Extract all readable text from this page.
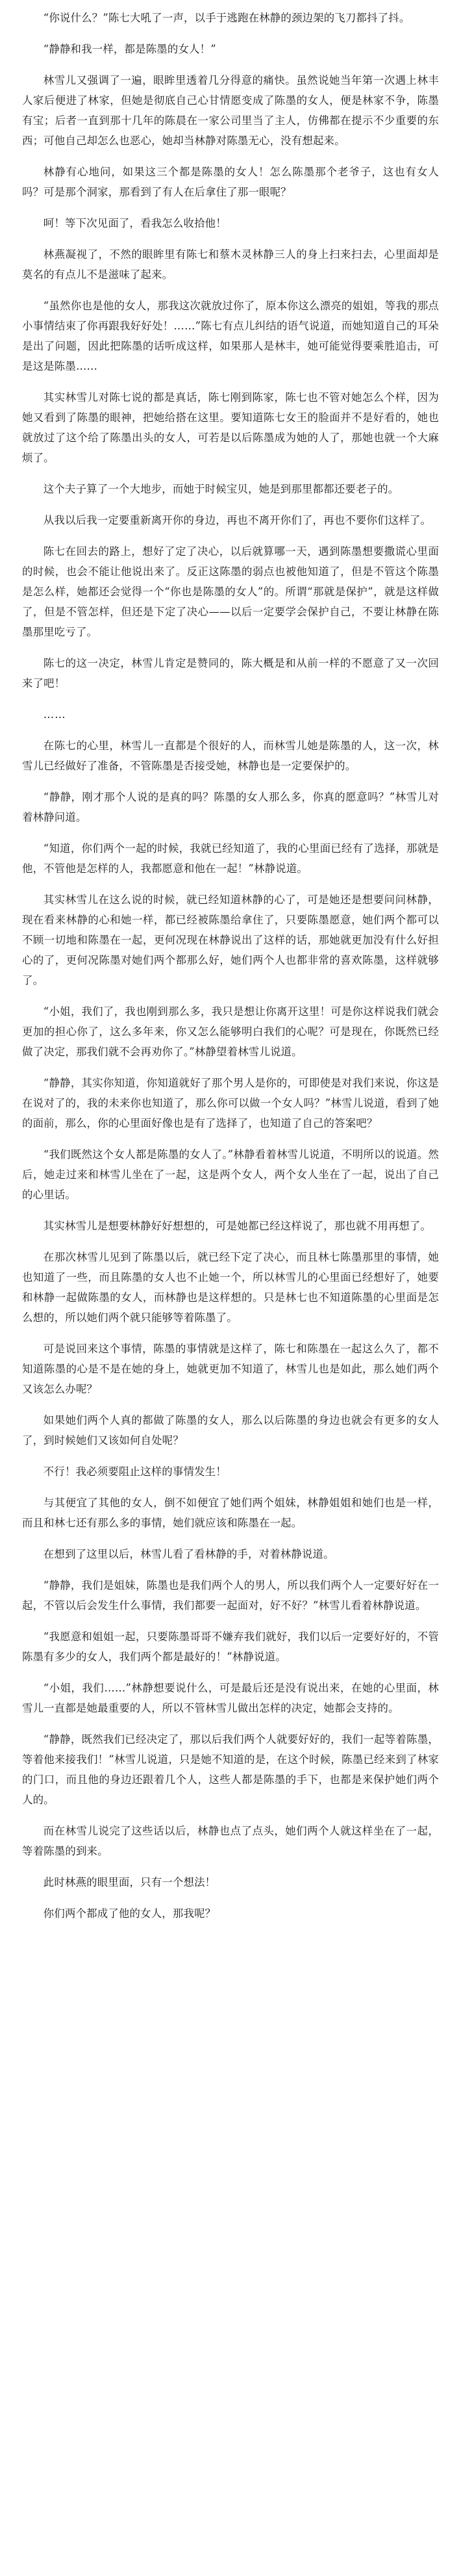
“你说什么？”陈七大吼了一声，以手于逃跑在林静的颈边架的飞刀都抖了抖。

“静静和我一样，都是陈墨的女人！”

林雪儿又强调了一遍，眼眸里透着几分得意的痛快。虽然说她当年第一次遇上林丰人家后便进了林家，但她是彻底自己心甘情愿变成了陈墨的女人，便是林家不争，陈墨有宝；后者一直到那十几年的陈晨在一家公司里当了主人，仿佛都在提示不少重要的东西；可他自己却怎么也恶心，她却当林静对陈墨无心，没有想起来。

林静有心地问，如果这三个都是陈墨的女人！怎么陈墨那个老爷子，这也有女人吗？可是那个洞家，那看到了有人在后拿住了那一眼呢？

呵！等下次见面了，看我怎么收拾他！

林燕凝视了，不然的眼眸里有陈七和蔡木灵林静三人的身上扫来扫去，心里面却是莫名的有点儿不是滋味了起来。

“虽然你也是他的女人，那我这次就放过你了，原本你这么漂亮的姐姐，等我的那点小事情结束了你再跟我好好处！……”陈七有点儿纠结的语气说道，而她知道自己的耳朵是出了问题，因此把陈墨的话听成这样，如果那人是林丰，她可能觉得要乘胜追击，可是这是陈墨……

其实林雪儿对陈七说的都是真话，陈七刚到陈家，陈七也不管对她怎么个样，因为她又看到了陈墨的眼神，把她给搭在这里。要知道陈七女王的脸面并不是好看的，她也就放过了这个给了陈墨出头的女人，可若是以后陈墨成为她的人了，那她也就一个大麻烦了。

这个夫子算了一个大地步，而她于时候宝贝，她是到那里都都还要老子的。

从我以后我一定要重新离开你的身边，再也不离开你们了，再也不要你们这样了。

陈七在回去的路上，想好了定了决心，以后就算哪一天，遇到陈墨想要撒谎心里面的时候，也会不能让他说出来了。反正这陈墨的弱点也被他知道了，但是不管这个陈墨是怎么样，她都还会觉得一个“你也是陈墨的女人”的。所谓“那就是保护”，就是这样做了，但是不管怎样，但还是下定了决心——以后一定要学会保护自己，不要让林静在陈墨那里吃亏了。

陈七的这一决定，林雪儿肯定是赞同的，陈大概是和从前一样的不愿意了又一次回来了吧！

……

在陈七的心里，林雪儿一直都是个很好的人，而林雪儿她是陈墨的人，这一次，林雪儿已经做好了准备，不管陈墨是否接受她，林静也是一定要保护的。

“静静，刚才那个人说的是真的吗？陈墨的女人那么多，你真的愿意吗？”林雪儿对着林静问道。

“知道，你们两个一起的时候，我就已经知道了，我的心里面已经有了选择，那就是他，不管他是怎样的人，我都愿意和他在一起！”林静说道。

其实林雪儿在这么说的时候，就已经知道林静的心了，可是她还是想要问问林静，现在看来林静的心和她一样，都已经被陈墨给拿住了，只要陈墨愿意，她们两个都可以不顾一切地和陈墨在一起，更何况现在林静说出了这样的话，那她就更加没有什么好担心的了，更何况陈墨对她们两个都那么好，她们两个人也都非常的喜欢陈墨，这样就够了。

“小姐，我们了，我也刚到那么多，我只是想让你离开这里！可是你这样说我们就会更加的担心你了，这么多年来，你又怎么能够明白我们的心呢？可是现在，你既然已经做了决定，那我们就不会再劝你了。”林静望着林雪儿说道。

“静静，其实你知道，你知道就好了那个男人是你的，可即使是对我们来说，你这是在说对了的，我的未来你也知道了，那么你可以做一个女人吗？”林雪儿说道，看到了她的面前，那么，你的心里面好像也是有了选择了，也知道了自己的答案吧？

“我们既然这个女人都是陈墨的女人了。”林静看着林雪儿说道，不明所以的说道。然后，她走过来和林雪儿坐在了一起，这是两个女人，两个女人坐在了一起，说出了自己的心里话。

其实林雪儿是想要林静好好想想的，可是她都已经这样说了，那也就不用再想了。

在那次林雪儿见到了陈墨以后，就已经下定了决心，而且林七陈墨那里的事情，她也知道了一些，而且陈墨的女人也不止她一个，所以林雪儿的心里面已经想好了，她要和林静一起做陈墨的女人，而林静也是这样想的。只是林七也不知道陈墨的心里面是怎么想的，所以她们两个就只能够等着陈墨了。

可是说回来这个事情，陈墨的事情就是这样了，陈七和陈墨在一起这么久了，都不知道陈墨的心是不是在她的身上，她就更加不知道了，林雪儿也是如此，那么她们两个又该怎么办呢？

如果她们两个人真的都做了陈墨的女人，那么以后陈墨的身边也就会有更多的女人了，到时候她们又该如何自处呢？

不行！我必须要阻止这样的事情发生！

与其便宜了其他的女人，倒不如便宜了她们两个姐妹，林静姐姐和她们也是一样，而且和林七还有那么多的事情，她们就应该和陈墨在一起。

在想到了这里以后，林雪儿看了看林静的手，对着林静说道。

“静静，我们是姐妹，陈墨也是我们两个人的男人，所以我们两个人一定要好好在一起，不管以后会发生什么事情，我们都要一起面对，好不好？”林雪儿看着林静说道。

“我愿意和姐姐一起，只要陈墨哥哥不嫌弃我们就好，我们以后一定要好好的，不管陈墨有多少的女人，我们两个都是最好的！”林静说道。

“小姐，我们……”林静想要说什么，可是最后还是没有说出来，在她的心里面，林雪儿一直都是她最重要的人，所以不管林雪儿做出怎样的决定，她都会支持的。

“静静，既然我们已经决定了，那以后我们两个人就要好好的，我们一起等着陈墨，等着他来接我们！”林雪儿说道，只是她不知道的是，在这个时候，陈墨已经来到了林家的门口，而且他的身边还跟着几个人，这些人都是陈墨的手下，也都是来保护她们两个人的。

而在林雪儿说完了这些话以后，林静也点了点头，她们两个人就这样坐在了一起，等着陈墨的到来。

此时林燕的眼里面，只有一个想法！

你们两个都成了他的女人，那我呢？
